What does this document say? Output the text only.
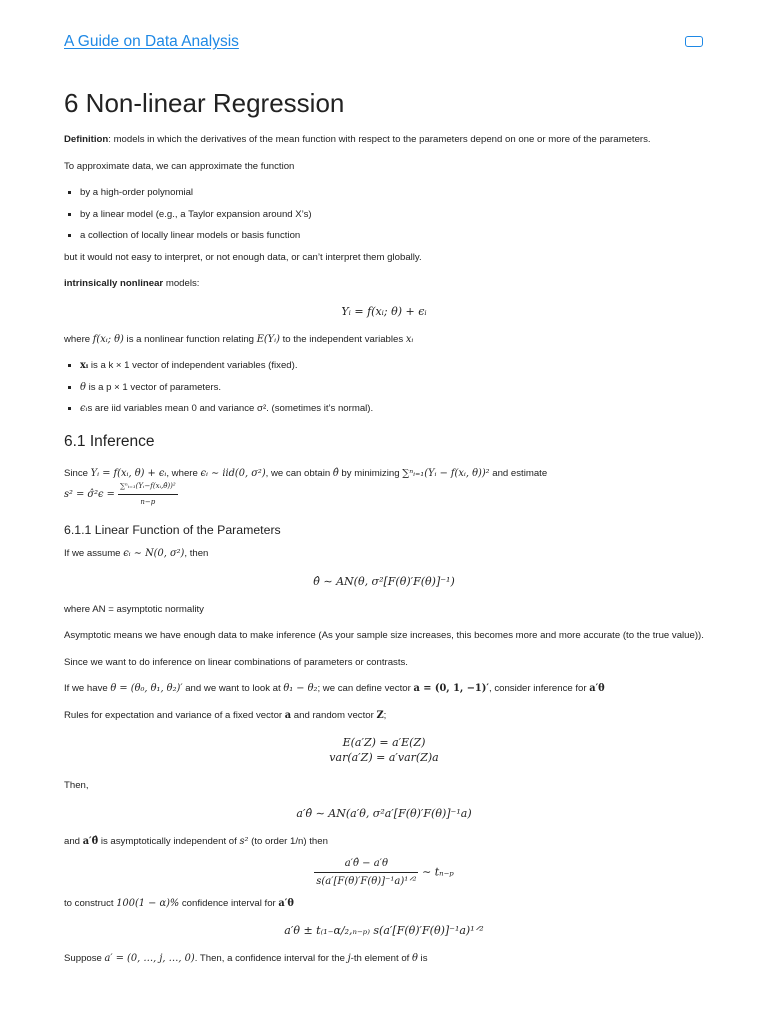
A Guide on Data Analysis
6 Non-linear Regression

Definition: models in which the derivatives of the mean function with respect to the parameters depend on one or more of the parameters.

To approximate data, we can approximate the function

▪ by a high-order polynomial
▪ by a linear model (e.g., a Taylor expansion around X’s)
▪ a collection of locally linear models or basis function

but it would not easy to interpret, or not enough data, or can’t interpret them globally.

intrinsically nonlinear models:

Yᵢ = f(xᵢ; θ) + ϵᵢ

where f(xᵢ; θ) is a nonlinear function relating E(Yᵢ) to the independent variables xᵢ

▪ xᵢ is a k × 1 vector of independent variables (fixed).
▪ θ is a p × 1 vector of parameters.
▪ ϵᵢs are iid variables mean 0 and variance σ². (sometimes it’s normal).
6.1 Inference

Since Yᵢ = f(xᵢ, θ) + ϵᵢ, where ϵᵢ ∼ iid(0, σ²), we can obtain θ̂ by minimizing ∑ⁿᵢ₌₁(Yᵢ − f(xᵢ, θ))² and estimate
s² = σ̂²ϵ = $\frac{\text{∑ⁿᵢ₌₁(Yᵢ−f(xᵢ,θ̂))²}}{n-p}$

6.1.1 Linear Function of the Parameters

If we assume ϵᵢ ∼ N(0, σ²), then

θ̂ ∼ AN(θ, σ²[F(θ)′F(θ)]⁻¹)

where AN = asymptotic normality

Asymptotic means we have enough data to make inference (As your sample size increases, this becomes more and more accurate (to the true value)).

Since we want to do inference on linear combinations of parameters or contrasts.

If we have θ = (θ₀, θ₁, θ₂)′ and we want to look at θ₁ − θ₂; we can define vector a = (0, 1, −1)′, consider inference for a′θ

Rules for expectation and variance of a fixed vector a and random vector Z;

E(a′Z) = a′E(Z)
var(a′Z) = a′var(Z)a

Then,

a′θ̂ ∼ AN(a′θ, σ²a′[F(θ)′F(θ)]⁻¹a)

and a′θ̂ is asymptotically independent of s² (to order 1/n) then

$\frac{a'\thetâ - a'\theta}{\text{s(a′[F(θ)′F(θ)]⁻¹a)¹ᐟ²}}$ ∼ tₙ₋ₚ

to construct 100(1 − α)% confidence interval for a′θ

a′θ ± t₍₁₋α/₂,ₙ₋ₚ₎ s(a′[F(θ)′F(θ)]⁻¹a)¹ᐟ²

Suppose a′ = (0, …, j, …, 0). Then, a confidence interval for the j-th element of θ is
